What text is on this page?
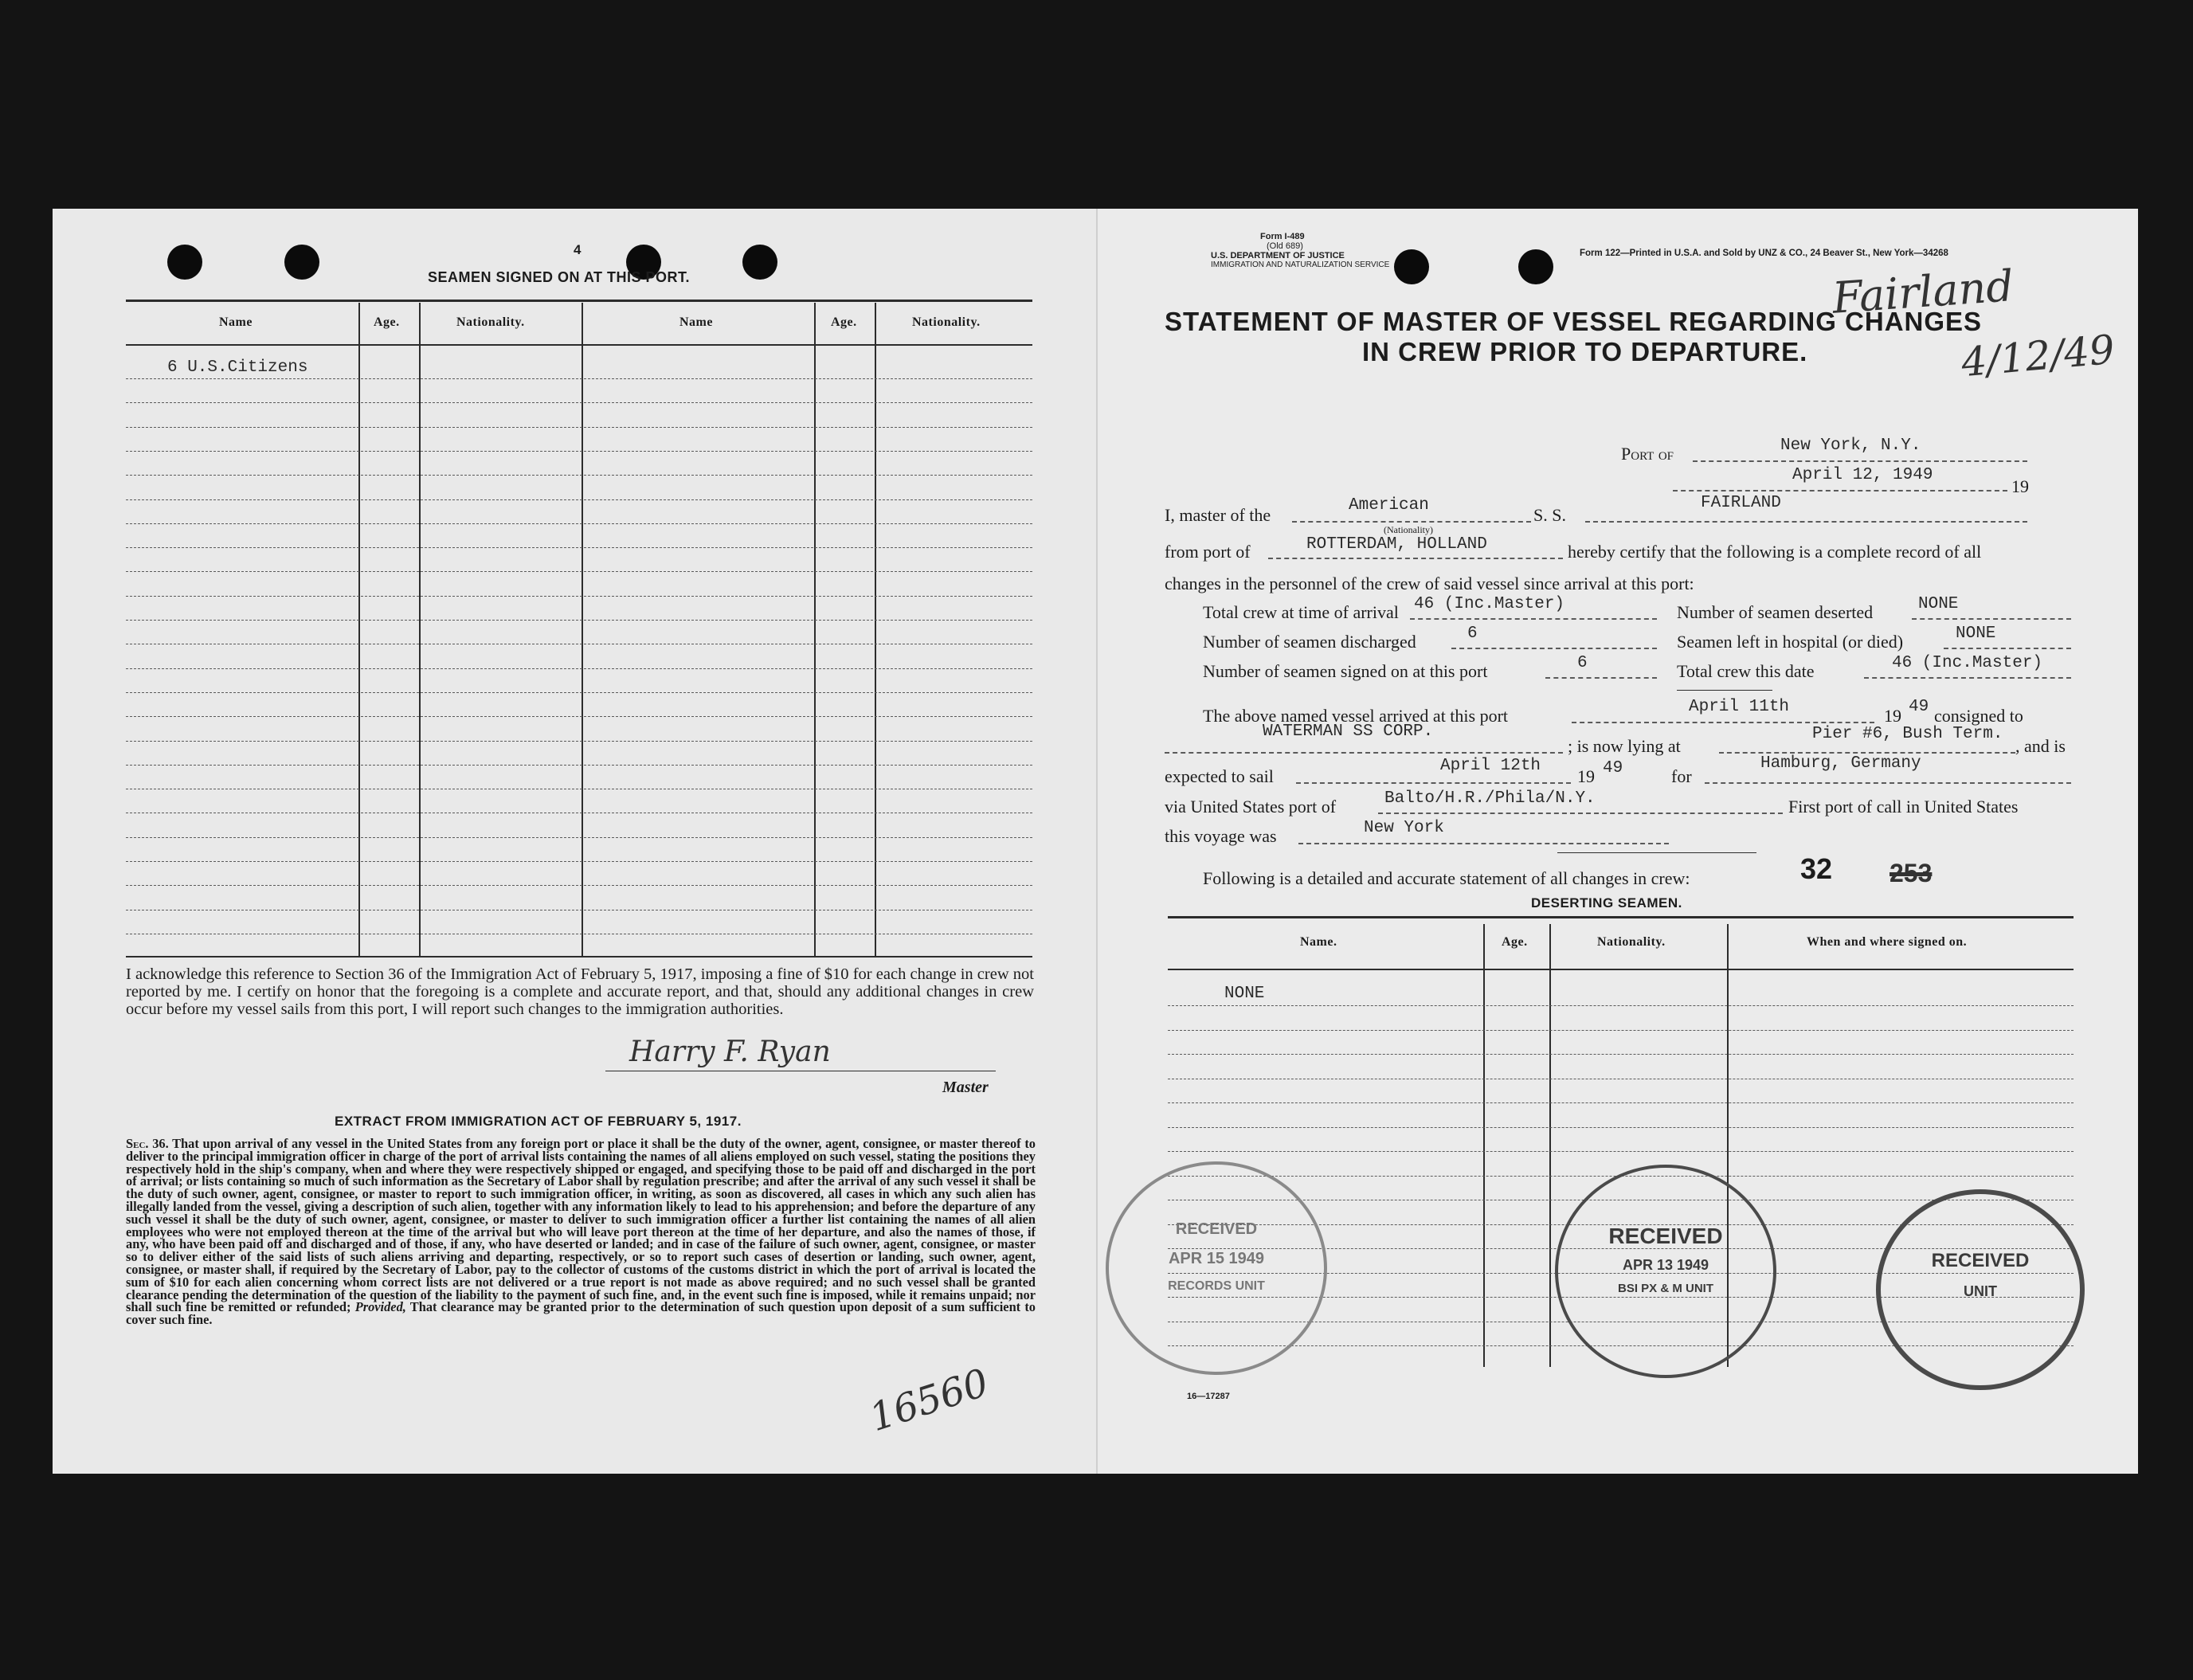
4
SEAMEN SIGNED ON AT THIS PORT.
Name	Age.	Nationality.	Name	Age.	Nationality.
6 U.S.Citizens
I acknowledge this reference to Section 36 of the Immigration Act of February 5, 1917, imposing a fine of $10 for each change in crew not reported by me. I certify on honor that the foregoing is a complete and accurate report, and that, should any additional changes in crew occur before my vessel sails from this port, I will report such changes to the immigration authorities.
Harry F. Ryan
Master
EXTRACT FROM IMMIGRATION ACT OF FEBRUARY 5, 1917.
Sec. 36. That upon arrival of any vessel in the United States from any foreign port or place it shall be the duty of the owner, agent, consignee, or master thereof to deliver to the principal immigration officer in charge of the port of arrival lists containing the names of all aliens employed on such vessel, stating the positions they respectively hold in the ship's company, when and where they were respectively shipped or engaged, and specifying those to be paid off and discharged in the port of arrival; or lists containing so much of such information as the Secretary of Labor shall by regulation prescribe; and after the arrival of any such vessel it shall be the duty of such owner, agent, consignee, or master to report to such immigration officer, in writing, as soon as discovered, all cases in which any such alien has illegally landed from the vessel, giving a description of such alien, together with any information likely to lead to his apprehension; and before the departure of any such vessel it shall be the duty of such owner, agent, consignee, or master to deliver to such immigration officer a further list containing the names of all alien employees who were not employed thereon at the time of the arrival but who will leave port thereon at the time of her departure, and also the names of those, if any, who have been paid off and discharged and of those, if any, who have deserted or landed; and in case of the failure of such owner, agent, consignee, or master so to deliver either of the said lists of such aliens arriving and departing, respectively, or so to report such cases of desertion or landing, such owner, agent, consignee, or master shall, if required by the Secretary of Labor, pay to the collector of customs of the customs district in which the port of arrival is located the sum of $10 for each alien concerning whom correct lists are not delivered or a true report is not made as above required; and no such vessel shall be granted clearance pending the determination of the question of the liability to the payment of such fine, and, in the event such fine is imposed, while it remains unpaid; nor shall such fine be remitted or refunded; Provided, That clearance may be granted prior to the determination of such question upon deposit of a sum sufficient to cover such fine.
16560
Form I-489
(Old 689)
U.S. DEPARTMENT OF JUSTICE
IMMIGRATION AND NATURALIZATION SERVICE
Form 122—Printed in U.S.A. and Sold by UNZ & CO., 24 Beaver St., New York—34268
Fairland
4/12/49
STATEMENT OF MASTER OF VESSEL REGARDING CHANGES
IN CREW PRIOR TO DEPARTURE.
Port of	New York, N.Y.
April 12, 1949
19
I, master of the	American
(Nationality)
S. S.
FAIRLAND
from port of	ROTTERDAM, HOLLAND	hereby certify that the following is a complete record of all
changes in the personnel of the crew of said vessel since arrival at this port:
Total crew at time of arrival 46 (Inc.Master)	Number of seamen deserted	NONE
Number of seamen discharged	6	Seamen left in hospital (or died)	NONE
Number of seamen signed on at this port	6	Total crew this date	46 (Inc.Master)
The above named vessel arrived at this port	April 11th	19 49 consigned to
WATERMAN SS CORP.
; is now lying at
Pier #6, Bush Term.
, and is
expected to sail
April 12th
19 49	for
Hamburg, Germany
via United States port of	Balto/H.R./Phila/N.Y.	First port of call in United States
this voyage was	New York
Following is a detailed and accurate statement of all changes in crew:	32 253
DESERTING SEAMEN.
Name.	Age.	Nationality.	When and where signed on.
NONE
16—17287
RECEIVED
APR 15 1949
RECORDS UNIT
RECEIVED
APR 13 1949
BSI PX & M UNIT
RECEIVED
UNIT
